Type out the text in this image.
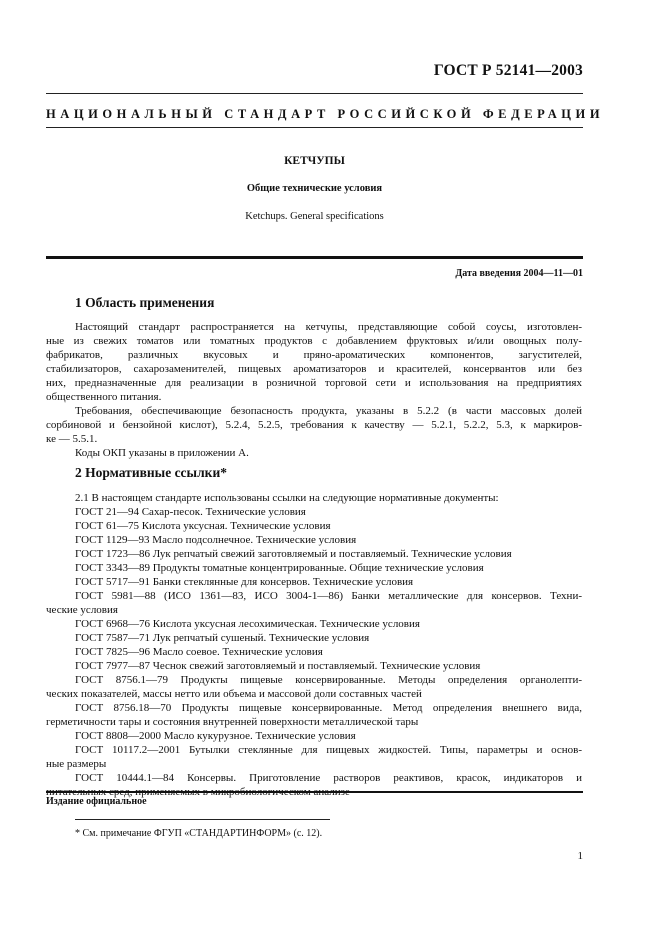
ГОСТ Р 52141—2003
НАЦИОНАЛЬНЫЙ СТАНДАРТ РОССИЙСКОЙ ФЕДЕРАЦИИ
КЕТЧУПЫ
Общие технические условия
Ketchups. General specifications
Дата введения 2004—11—01
1 Область применения
Настоящий стандарт распространяется на кетчупы, представляющие собой соусы, изготовлен-
ные из свежих томатов или томатных продуктов с добавлением фруктовых и/или овощных полу-
фабрикатов, различных вкусовых и пряно-ароматических компонентов, загустителей,
стабилизаторов, сахарозаменителей, пищевых ароматизаторов и красителей, консервантов или без
них, предназначенные для реализации в розничной торговой сети и использования на предприятиях
общественного питания.
Требования, обеспечивающие безопасность продукта, указаны в 5.2.2 (в части массовых долей
сорбиновой и бензойной кислот), 5.2.4, 5.2.5, требования к качеству — 5.2.1, 5.2.2, 5.3, к маркиров-
ке — 5.5.1.
Коды ОКП указаны в приложении А.
2 Нормативные ссылки*
2.1 В настоящем стандарте использованы ссылки на следующие нормативные документы:
ГОСТ 21—94 Сахар-песок. Технические условия
ГОСТ 61—75 Кислота уксусная. Технические условия
ГОСТ 1129—93 Масло подсолнечное. Технические условия
ГОСТ 1723—86 Лук репчатый свежий заготовляемый и поставляемый. Технические условия
ГОСТ 3343—89 Продукты томатные концентрированные. Общие технические условия
ГОСТ 5717—91 Банки стеклянные для консервов. Технические условия
ГОСТ 5981—88 (ИСО 1361—83, ИСО 3004-1—86) Банки металлические для консервов. Техни-
ческие условия
ГОСТ 6968—76 Кислота уксусная лесохимическая. Технические условия
ГОСТ 7587—71 Лук репчатый сушеный. Технические условия
ГОСТ 7825—96 Масло соевое. Технические условия
ГОСТ 7977—87 Чеснок свежий заготовляемый и поставляемый. Технические условия
ГОСТ 8756.1—79 Продукты пищевые консервированные. Методы определения органолепти-
ческих показателей, массы нетто или объема и массовой доли составных частей
ГОСТ 8756.18—70 Продукты пищевые консервированные. Метод определения внешнего вида,
герметичности тары и состояния внутренней поверхности металлической тары
ГОСТ 8808—2000 Масло кукурузное. Технические условия
ГОСТ 10117.2—2001 Бутылки стеклянные для пищевых жидкостей. Типы, параметры и основ-
ные размеры
ГОСТ 10444.1—84 Консервы. Приготовление растворов реактивов, красок, индикаторов и
Издание официальное
* См. примечание ФГУП «СТАНДАРТИНФОРМ» (с. 12).
1
